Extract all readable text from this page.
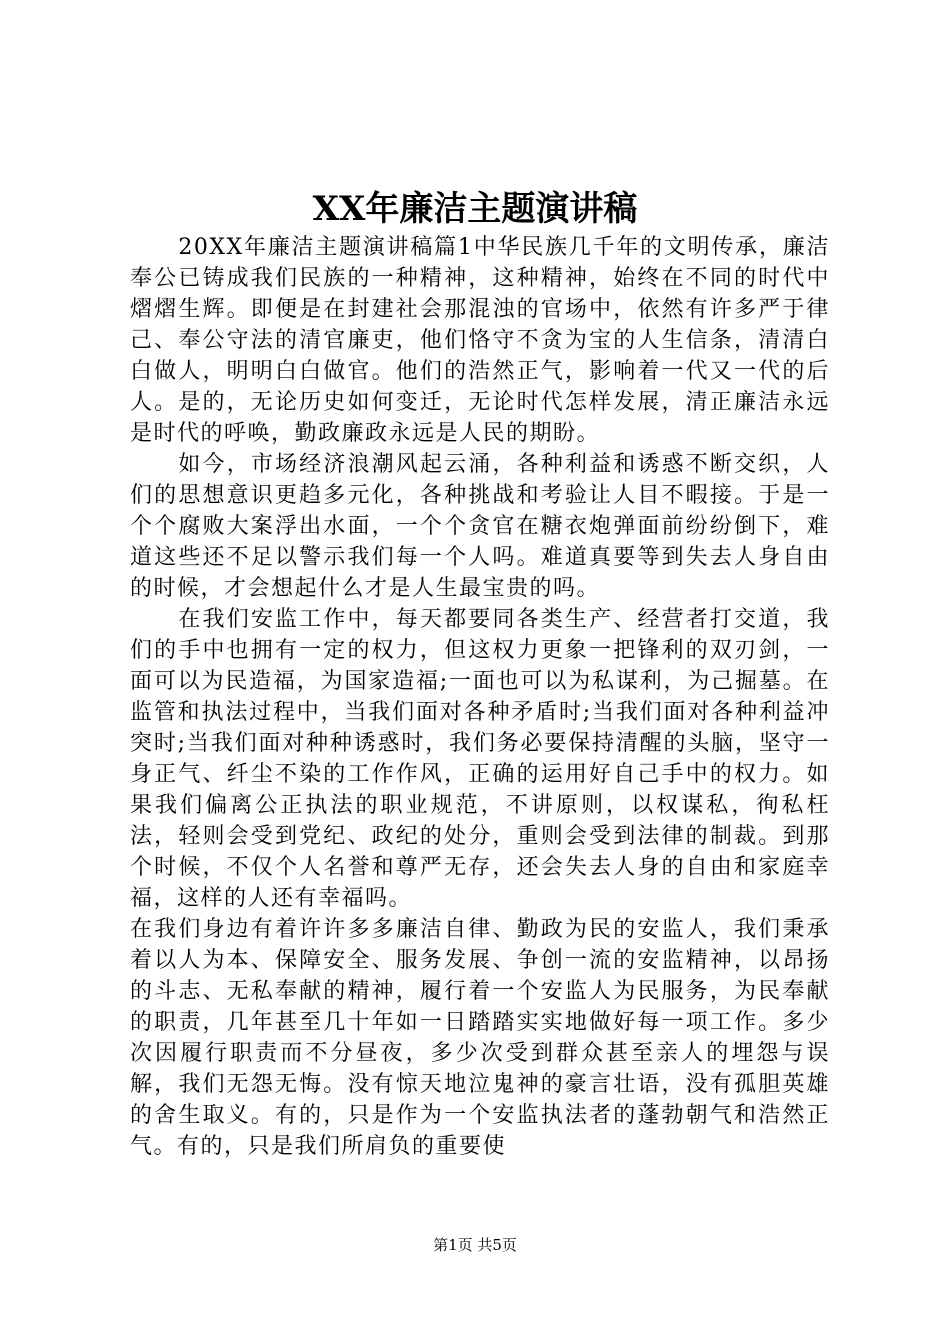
XX年廉洁主题演讲稿

20XX年廉洁主题演讲稿篇1中华民族几千年的文明传承，廉洁奉公已铸成我们民族的一种精神，这种精神，始终在不同的时代中熠熠生辉。即便是在封建社会那混浊的官场中，依然有许多严于律己、奉公守法的清官廉吏，他们恪守不贪为宝的人生信条，清清白白做人，明明白白做官。他们的浩然正气，影响着一代又一代的后人。是的，无论历史如何变迁，无论时代怎样发展，清正廉洁永远是时代的呼唤，勤政廉政永远是人民的期盼。

如今，市场经济浪潮风起云涌，各种利益和诱惑不断交织，人们的思想意识更趋多元化，各种挑战和考验让人目不暇接。于是一个个腐败大案浮出水面，一个个贪官在糖衣炮弹面前纷纷倒下，难道这些还不足以警示我们每一个人吗。难道真要等到失去人身自由的时候，才会想起什么才是人生最宝贵的吗。

在我们安监工作中，每天都要同各类生产、经营者打交道，我们的手中也拥有一定的权力，但这权力更象一把锋利的双刃剑，一面可以为民造福，为国家造福;一面也可以为私谋利，为己掘墓。在监管和执法过程中，当我们面对各种矛盾时;当我们面对各种利益冲突时;当我们面对种种诱惑时，我们务必要保持清醒的头脑，坚守一身正气、纤尘不染的工作作风，正确的运用好自己手中的权力。如果我们偏离公正执法的职业规范，不讲原则，以权谋私，徇私枉法，轻则会受到党纪、政纪的处分，重则会受到法律的制裁。到那个时候，不仅个人名誉和尊严无存，还会失去人身的自由和家庭幸福，这样的人还有幸福吗。

在我们身边有着许许多多廉洁自律、勤政为民的安监人，我们秉承着以人为本、保障安全、服务发展、争创一流的安监精神，以昂扬的斗志、无私奉献的精神，履行着一个安监人为民服务，为民奉献的职责，几年甚至几十年如一日踏踏实实地做好每一项工作。多少次因履行职责而不分昼夜，多少次受到群众甚至亲人的埋怨与误解，我们无怨无悔。没有惊天地泣鬼神的豪言壮语，没有孤胆英雄的舍生取义。有的，只是作为一个安监执法者的蓬勃朝气和浩然正气。有的，只是我们所肩负的重要使

第1页 共5页
